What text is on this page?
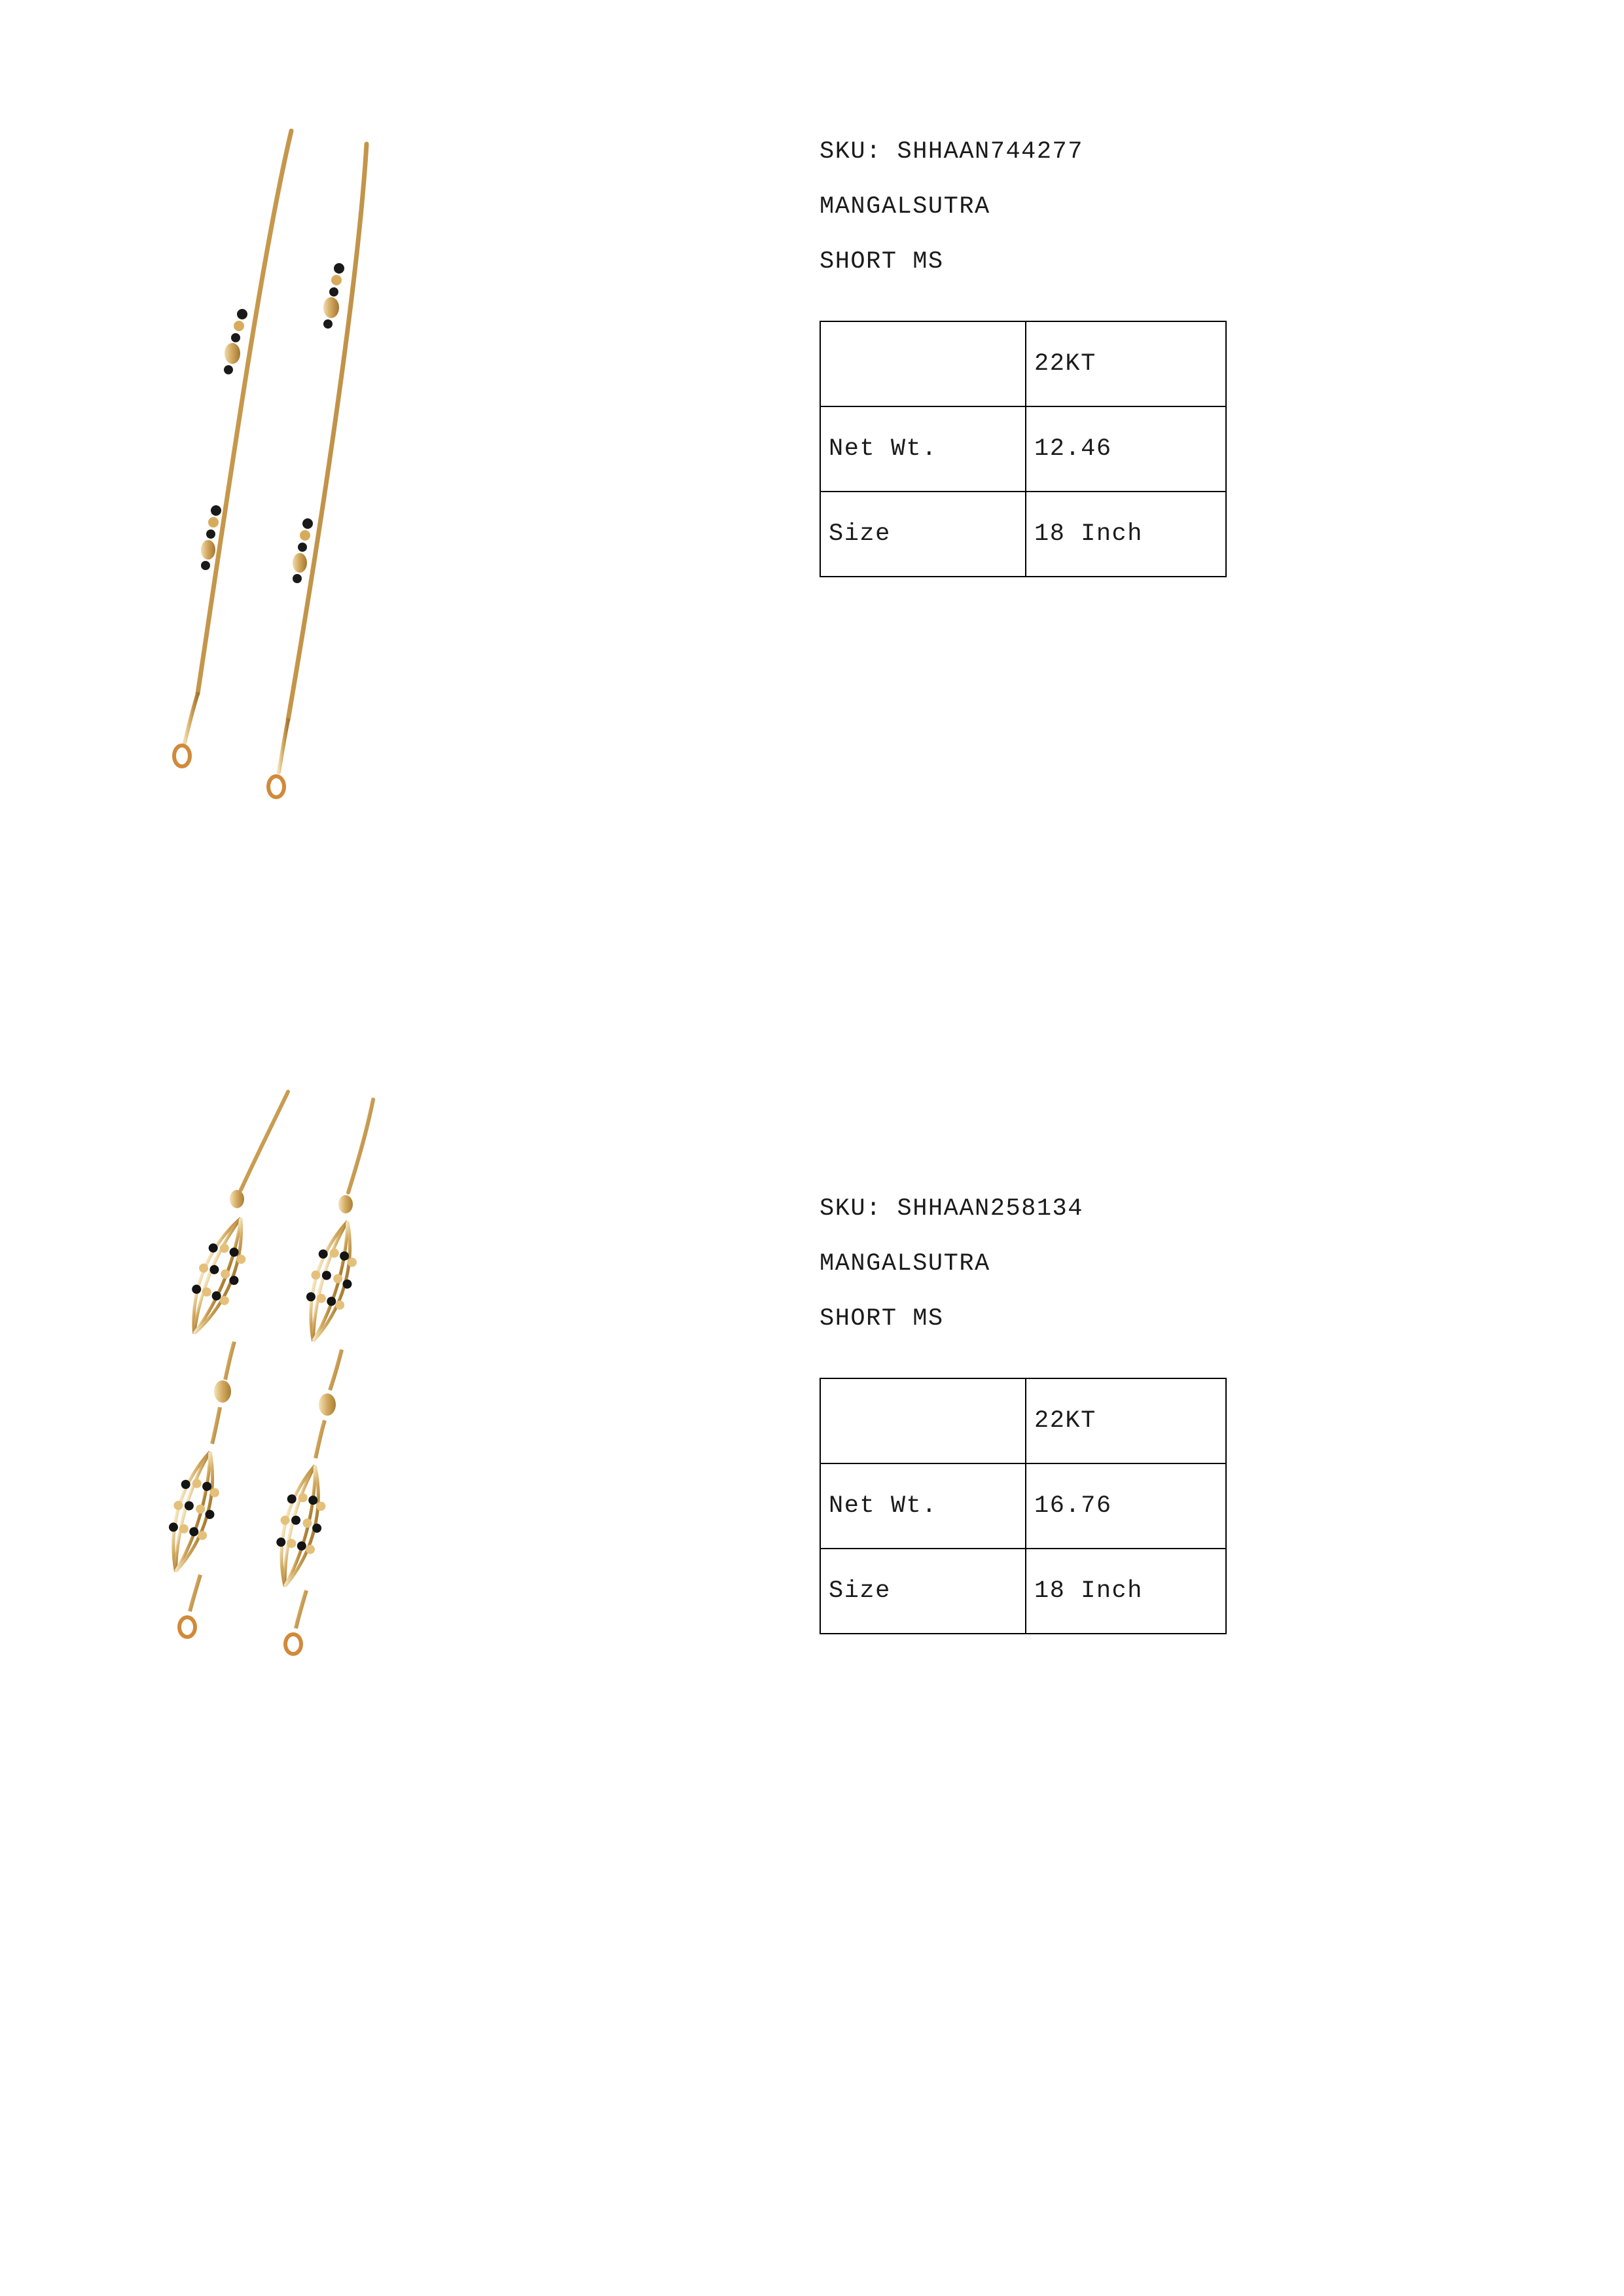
SKU: SHHAAN744277
MANGALSUTRA
SHORT MS
	22KT
Net Wt.	12.46
Size	18 Inch
SKU: SHHAAN258134
MANGALSUTRA
SHORT MS
	22KT
Net Wt.	16.76
Size	18 Inch
